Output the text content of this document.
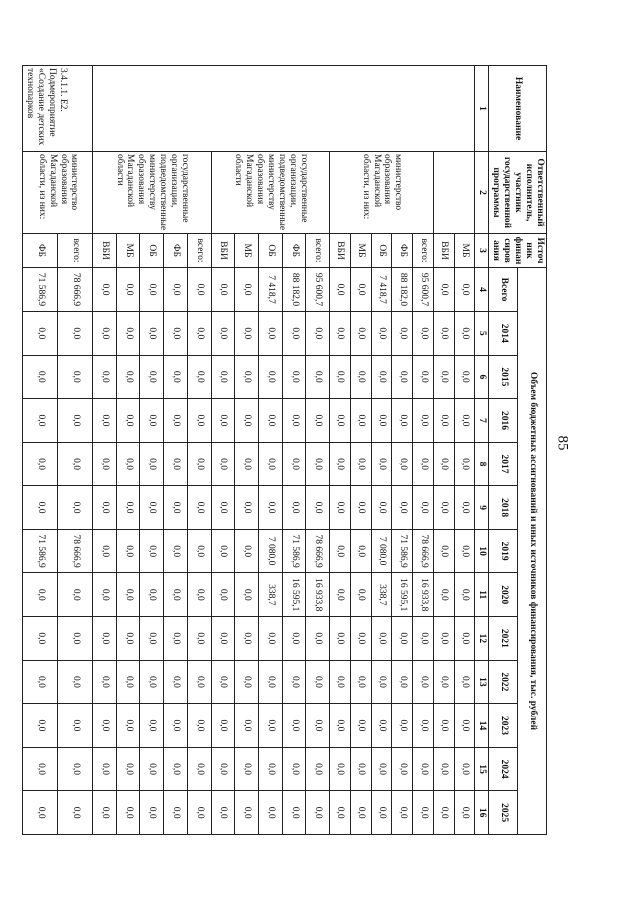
85
Наименование	Ответственный исполнитель, участник государственной программы	Источник финансирования	Объем бюджетных ассигнований и иных источников финансирования, тыс. рублей												
			Всего	2014	2015	2016	2017	2018	2019	2020	2021	2022	2023	2024	2025
1	2	3	4	5	6	7	8	9	10	11	12	13	14	15	16
		МБ	0,0	0,0	0,0	0,0	0,0	0,0	0,0	0,0	0,0	0,0	0,0	0,0	0,0
		ВБИ	0,0	0,0	0,0	0,0	0,0	0,0	0,0	0,0	0,0	0,0	0,0	0,0	0,0
	министерство образования Магаданской области, из них:	всего:	95 600,7	0,0	0,0	0,0	0,0	0,0	78 666,9	16 933,8	0,0	0,0	0,0	0,0	0,0
		ФБ	88 182,0	0,0	0,0	0,0	0,0	0,0	71 586,9	16 595,1	0,0	0,0	0,0	0,0	0,0
		ОБ	7 418,7	0,0	0,0	0,0	0,0	0,0	7 080,0	338,7	0,0	0,0	0,0	0,0	0,0
		МБ	0,0	0,0	0,0	0,0	0,0	0,0	0,0	0,0	0,0	0,0	0,0	0,0	0,0
		ВБИ	0,0	0,0	0,0	0,0	0,0	0,0	0,0	0,0	0,0	0,0	0,0	0,0	0,0
	государственные организации, подведомственные министерству образования Магаданской области	всего:	95 600,7	0,0	0,0	0,0	0,0	0,0	78 666,9	16 933,8	0,0	0,0	0,0	0,0	0,0
		ФБ	88 182,0	0,0	0,0	0,0	0,0	0,0	71 586,9	16 595,1	0,0	0,0	0,0	0,0	0,0
		ОБ	7 418,7	0,0	0,0	0,0	0,0	0,0	7 080,0	338,7	0,0	0,0	0,0	0,0	0,0
		МБ	0,0	0,0	0,0	0,0	0,0	0,0	0,0	0,0	0,0	0,0	0,0	0,0	0,0
		ВБИ	0,0	0,0	0,0	0,0	0,0	0,0	0,0	0,0	0,0	0,0	0,0	0,0	0,0
	государственные организации, подведомственные министерству образования Магаданской области	всего:	0,0	0,0	0,0	0,0	0,0	0,0	0,0	0,0	0,0	0,0	0,0	0,0	0,0
		ФБ	0,0	0,0	0,0	0,0	0,0	0,0	0,0	0,0	0,0	0,0	0,0	0,0	0,0
		ОБ	0,0	0,0	0,0	0,0	0,0	0,0	0,0	0,0	0,0	0,0	0,0	0,0	0,0
		МБ	0,0	0,0	0,0	0,0	0,0	0,0	0,0	0,0	0,0	0,0	0,0	0,0	0,0
		ВБИ	0,0	0,0	0,0	0,0	0,0	0,0	0,0	0,0	0,0	0,0	0,0	0,0	0,0
3.4.1.1. Е2. Подмероприятие «Создание детских технопарков	министерство образования Магаданской области, из них:	всего:	78 666,9	0,0	0,0	0,0	0,0	0,0	78 666,9	0,0	0,0	0,0	0,0	0,0	0,0
		ФБ	71 586,9	0,0	0,0	0,0	0,0	0,0	71 586,9	0,0	0,0	0,0	0,0	0,0	0,0
